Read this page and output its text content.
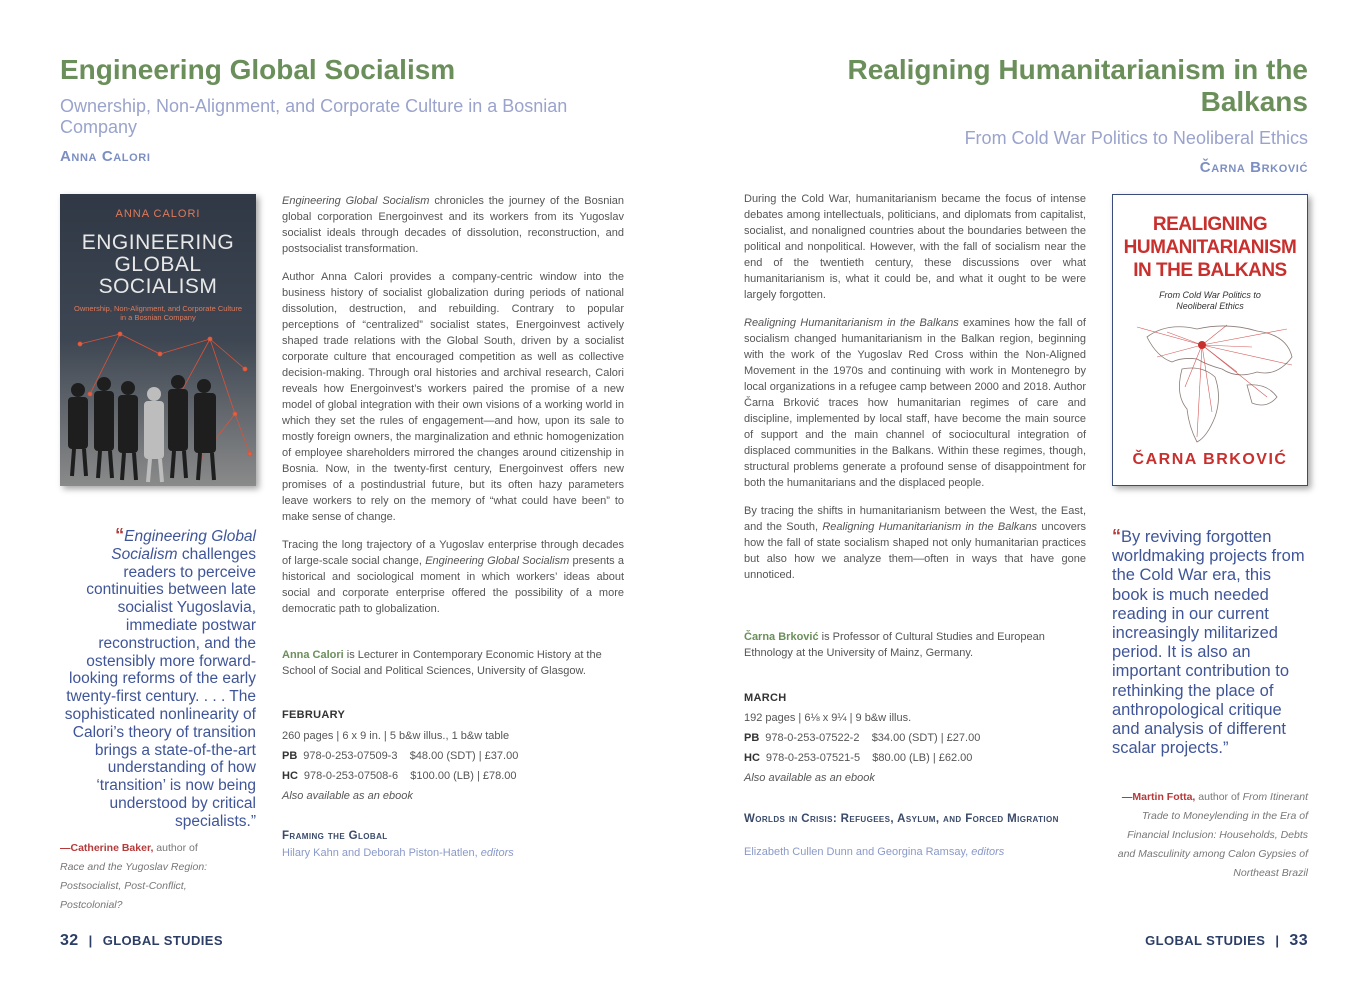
Engineering Global Socialism
Ownership, Non-Alignment, and Corporate Culture in a Bosnian Company
Anna Calori
ANNA CALORI
ENGINEERING
GLOBAL
SOCIALISM
Ownership, Non-Alignment, and Corporate Culture in a Bosnian Company

Engineering Global Socialism chronicles the journey of the Bosnian global corporation Energoinvest and its workers from its Yugoslav socialist ideals through decades of dissolution, reconstruction, and postsocialist transformation.

Author Anna Calori provides a company-centric window into the business history of socialist globalization during periods of national dissolution, destruction, and rebuilding. Contrary to popular perceptions of “centralized” socialist states, Energoinvest actively shaped trade relations with the Global South, driven by a socialist corporate culture that encouraged competition as well as collective decision-making. Through oral histories and archival research, Calori reveals how Energoinvest’s workers paired the promise of a new model of global integration with their own visions of a working world in which they set the rules of engagement—and how, upon its sale to mostly foreign owners, the marginalization and ethnic homogenization of employee shareholders mirrored the changes around citizenship in Bosnia. Now, in the twenty-first century, Energoinvest offers new promises of a postindustrial future, but its often hazy parameters leave workers to rely on the memory of “what could have been” to make sense of change.

Tracing the long trajectory of a Yugoslav enterprise through decades of large-scale social change, Engineering Global Socialism presents a historical and sociological moment in which workers’ ideas about social and corporate enterprise offered the possibility of a more democratic path to globalization.

Anna Calori is Lecturer in Contemporary Economic History at the School of Social and Political Sciences, University of Glasgow.
FEBRUARY
260 pages | 6 x 9 in. | 5 b&w illus., 1 b&w table
PB 978-0-253-07509-3    $48.00 (SDT) | £37.00
HC 978-0-253-07508-6    $100.00 (LB) | £78.00
Also available as an ebook
Framing the Global
Hilary Kahn and Deborah Piston-Hatlen, editors
“Engineering Global Socialism challenges readers to perceive continuities between late socialist Yugoslavia, immediate postwar reconstruction, and the ostensibly more forward-looking reforms of the early twenty-first century. . . . The sophisticated nonlinearity of Calori’s theory of transition brings a state-of-the-art understanding of how ‘transition’ is now being understood by critical specialists.”
—Catherine Baker, author of
Race and the Yugoslav Region: Postsocialist, Post-Conflict, Postcolonial?
32 | GLOBAL STUDIES
Realigning Humanitarianism in the Balkans
From Cold War Politics to Neoliberal Ethics
Čarna Brković

During the Cold War, humanitarianism became the focus of intense debates among intellectuals, politicians, and diplomats from capitalist, socialist, and nonaligned countries about the boundaries between the political and nonpolitical. However, with the fall of socialism near the end of the twentieth century, these discussions over what humanitarianism is, what it could be, and what it ought to be were largely forgotten.

Realigning Humanitarianism in the Balkans examines how the fall of socialism changed humanitarianism in the Balkan region, beginning with the work of the Yugoslav Red Cross within the Non-Aligned Movement in the 1970s and continuing with work in Montenegro by local organizations in a refugee camp between 2000 and 2018. Author Čarna Brković traces how humanitarian regimes of care and discipline, implemented by local staff, have become the main source of support and the main channel of sociocultural integration of displaced communities in the Balkans. Within these regimes, though, structural problems generate a profound sense of disappointment for both the humanitarians and the displaced people.

By tracing the shifts in humanitarianism between the West, the East, and the South, Realigning Humanitarianism in the Balkans uncovers how the fall of state socialism shaped not only humanitarian practices but also how we analyze them—often in ways that have gone unnoticed.

Čarna Brković is Professor of Cultural Studies and European Ethnology at the University of Mainz, Germany.
MARCH
192 pages | 6⅛ x 9¼ | 9 b&w illus.
PB 978-0-253-07522-2    $34.00 (SDT) | £27.00
HC 978-0-253-07521-5    $80.00 (LB) | £62.00
Also available as an ebook
Worlds in Crisis: Refugees, Asylum, and Forced Migration
Elizabeth Cullen Dunn and Georgina Ramsay, editors
REALIGNING
HUMANITARIANISM
IN THE BALKANS
From Cold War Politics to Neoliberal Ethics
ČARNA BRKOVIĆ
“By reviving forgotten worldmaking projects from the Cold War era, this book is much needed reading in our current increasingly militarized period. It is also an important contribution to rethinking the place of anthropological critique and analysis of different scalar projects.”
—Martin Fotta, author of From Itinerant Trade to Moneylending in the Era of Financial Inclusion: Households, Debts and Masculinity among Calon Gypsies of Northeast Brazil
GLOBAL STUDIES | 33
